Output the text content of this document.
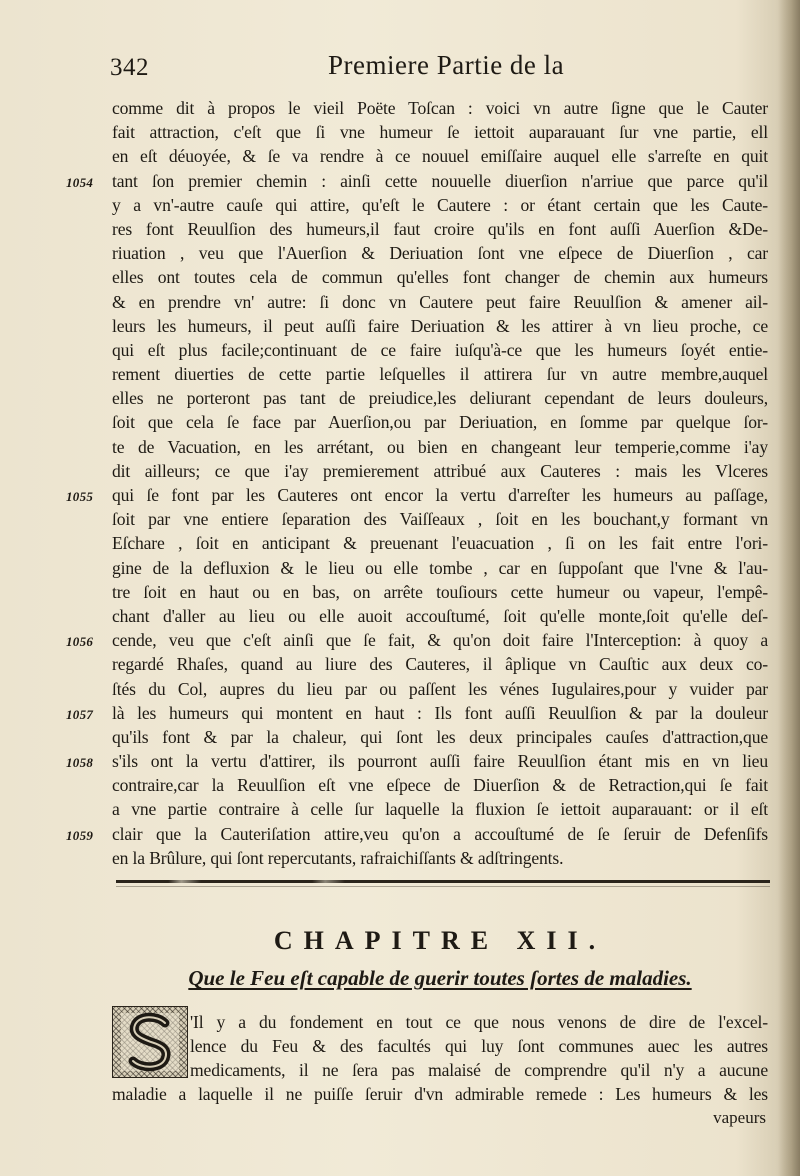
342	Premiere Partie de la
1054
1055
1056
1057
1058
1059
comme dit à propos le vieil Poëte Toſcan : voici vn autre ſigne que le Cauter
fait attraction, c'eſt que ſi vne humeur ſe iettoit auparauant ſur vne partie, ell
en eſt déuoyée, & ſe va rendre à ce nouuel emiſſaire auquel elle s'arreſte en quit
tant ſon premier chemin : ainſi cette nouuelle diuerſion n'arriue que parce qu'il
y a vn'-autre cauſe qui attire, qu'eſt le Cautere : or étant certain que les Caute-
res font Reuulſion des humeurs,il faut croire qu'ils en font auſſi Auerſion &De-
riuation , veu que l'Auerſion & Deriuation ſont vne eſpece de Diuerſion , car
elles ont toutes cela de commun qu'elles font changer de chemin aux humeurs
& en prendre vn' autre: ſi donc vn Cautere peut faire Reuulſion & amener ail-
leurs les humeurs, il peut auſſi faire Deriuation & les attirer à vn lieu proche, ce
qui eſt plus facile;continuant de ce faire iuſqu'à-ce que les humeurs ſoyét entie-
rement diuerties de cette partie leſquelles il attirera ſur vn autre membre,auquel
elles ne porteront pas tant de preiudice,les deliurant cependant de leurs douleurs,
ſoit que cela ſe face par Auerſion,ou par Deriuation, en ſomme par quelque ſor-
te de Vacuation, en les arrétant, ou bien en changeant leur temperie,comme i'ay
dit ailleurs; ce que i'ay premierement attribué aux Cauteres : mais les Vlceres
qui ſe font par les Cauteres ont encor la vertu d'arreſter les humeurs au paſſage,
ſoit par vne entiere ſeparation des Vaiſſeaux , ſoit en les bouchant,y formant vn
Eſchare , ſoit en anticipant & preuenant l'euacuation , ſi on les fait entre l'ori-
gine de la defluxion & le lieu ou elle tombe , car en ſuppoſant que l'vne & l'au-
tre ſoit en haut ou en bas, on arrête touſiours cette humeur ou vapeur, l'empê-
chant d'aller au lieu ou elle auoit accouſtumé, ſoit qu'elle monte,ſoit qu'elle deſ-
cende, veu que c'eſt ainſi que ſe fait, & qu'on doit faire l'Interception: à quoy a
regardé Rhaſes, quand au liure des Cauteres, il âplique vn Cauſtic aux deux co-
ſtés du Col, aupres du lieu par ou paſſent les vénes Iugulaires,pour y vuider par
là les humeurs qui montent en haut : Ils font auſſi Reuulſion & par la douleur
qu'ils font & par la chaleur, qui ſont les deux principales cauſes d'attraction,que
s'ils ont la vertu d'attirer, ils pourront auſſi faire Reuulſion étant mis en vn lieu
contraire,car la Reuulſion eſt vne eſpece de Diuerſion & de Retraction,qui ſe fait
a vne partie contraire à celle ſur laquelle la fluxion ſe iettoit auparauant: or il eſt
clair que la Cauteriſation attire,veu qu'on a accouſtumé de ſe ſeruir de Defenſifs
en la Brûlure, qui ſont repercutants, rafraichiſſants & adſtringents.
CHAPITRE XII.
Que le Feu eſt capable de guerir toutes ſortes de maladies.
'Il y a du fondement en tout ce que nous venons de dire de l'excel-
lence du Feu & des facultés qui luy ſont communes auec les autres
medicaments, il ne ſera pas malaisé de comprendre qu'il n'y a aucune
maladie a laquelle il ne puiſſe ſeruir d'vn admirable remede : Les humeurs & les
vapeurs
